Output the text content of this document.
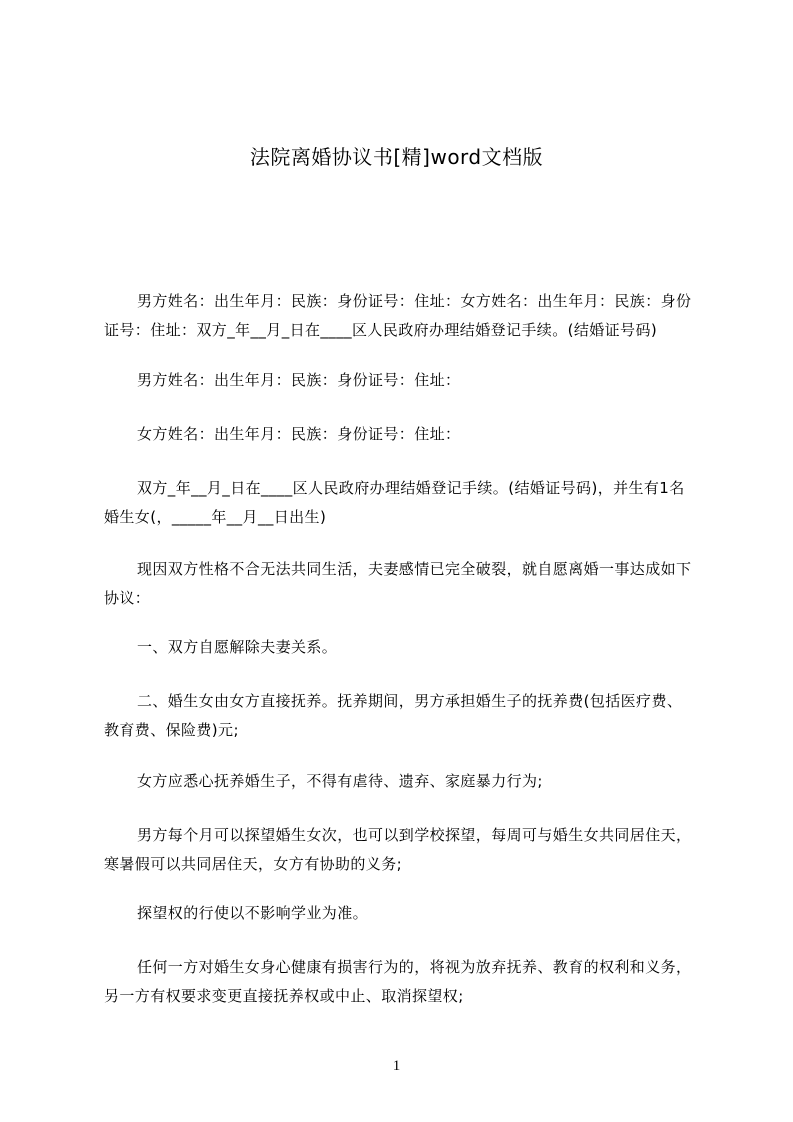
法院离婚协议书[精]word文档版
男方姓名：出生年月：民族：身份证号：住址：女方姓名：出生年月：民族：身份证号：住址：双方_年__月_日在____区人民政府办理结婚登记手续。(结婚证号码)
男方姓名：出生年月：民族：身份证号：住址：
女方姓名：出生年月：民族：身份证号：住址：
双方_年__月_日在____区人民政府办理结婚登记手续。(结婚证号码)，并生有1名婚生女(，_____年__月__日出生)
现因双方性格不合无法共同生活，夫妻感情已完全破裂，就自愿离婚一事达成如下协议：
一、双方自愿解除夫妻关系。
二、婚生女由女方直接抚养。抚养期间，男方承担婚生子的抚养费(包括医疗费、教育费、保险费)元;
女方应悉心抚养婚生子，不得有虐待、遗弃、家庭暴力行为;
男方每个月可以探望婚生女次，也可以到学校探望，每周可与婚生女共同居住天，寒暑假可以共同居住天，女方有协助的义务;
探望权的行使以不影响学业为准。
任何一方对婚生女身心健康有损害行为的，将视为放弃抚养、教育的权利和义务，另一方有权要求变更直接抚养权或中止、取消探望权;
1
